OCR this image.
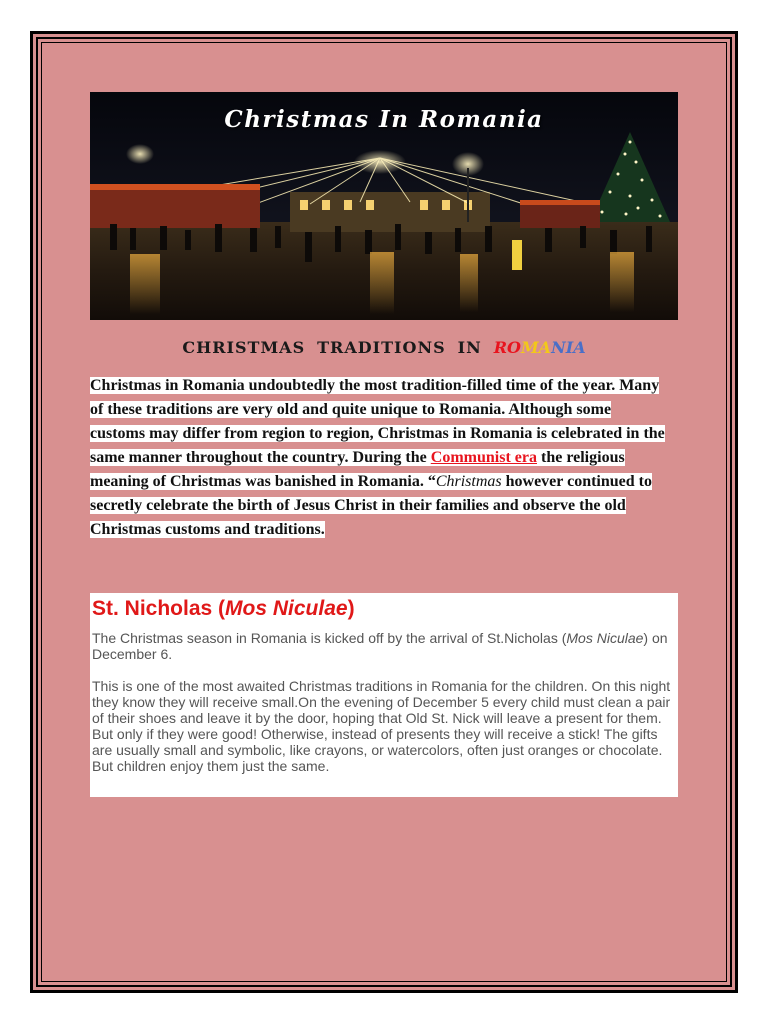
Christmas In Romania
CHRISTMAS TRADITIONS IN ROMANIA
Christmas in Romania undoubtedly the most tradition-filled time of the year. Many of these traditions are very old and quite unique to Romania. Although some customs may differ from region to region, Christmas in Romania is celebrated in the same manner throughout the country. During the Communist era the religious meaning of Christmas was banished in Romania. “Christmas however continued to secretly celebrate the birth of Jesus Christ in their families and observe the old Christmas customs and traditions.
St. Nicholas (Mos Niculae)

The Christmas season in Romania is kicked off by the arrival of St.Nicholas (Mos Niculae) on December 6.

This is one of the most awaited Christmas traditions in Romania for the children. On this night they know they will receive small.On the evening of December 5 every child must clean a pair of their shoes and leave it by the door, hoping that Old St. Nick will leave a present for them. But only if they were good! Otherwise, instead of presents they will receive a stick! The gifts are usually small and symbolic, like crayons, or watercolors, often just oranges or chocolate. But children enjoy them just the same.
